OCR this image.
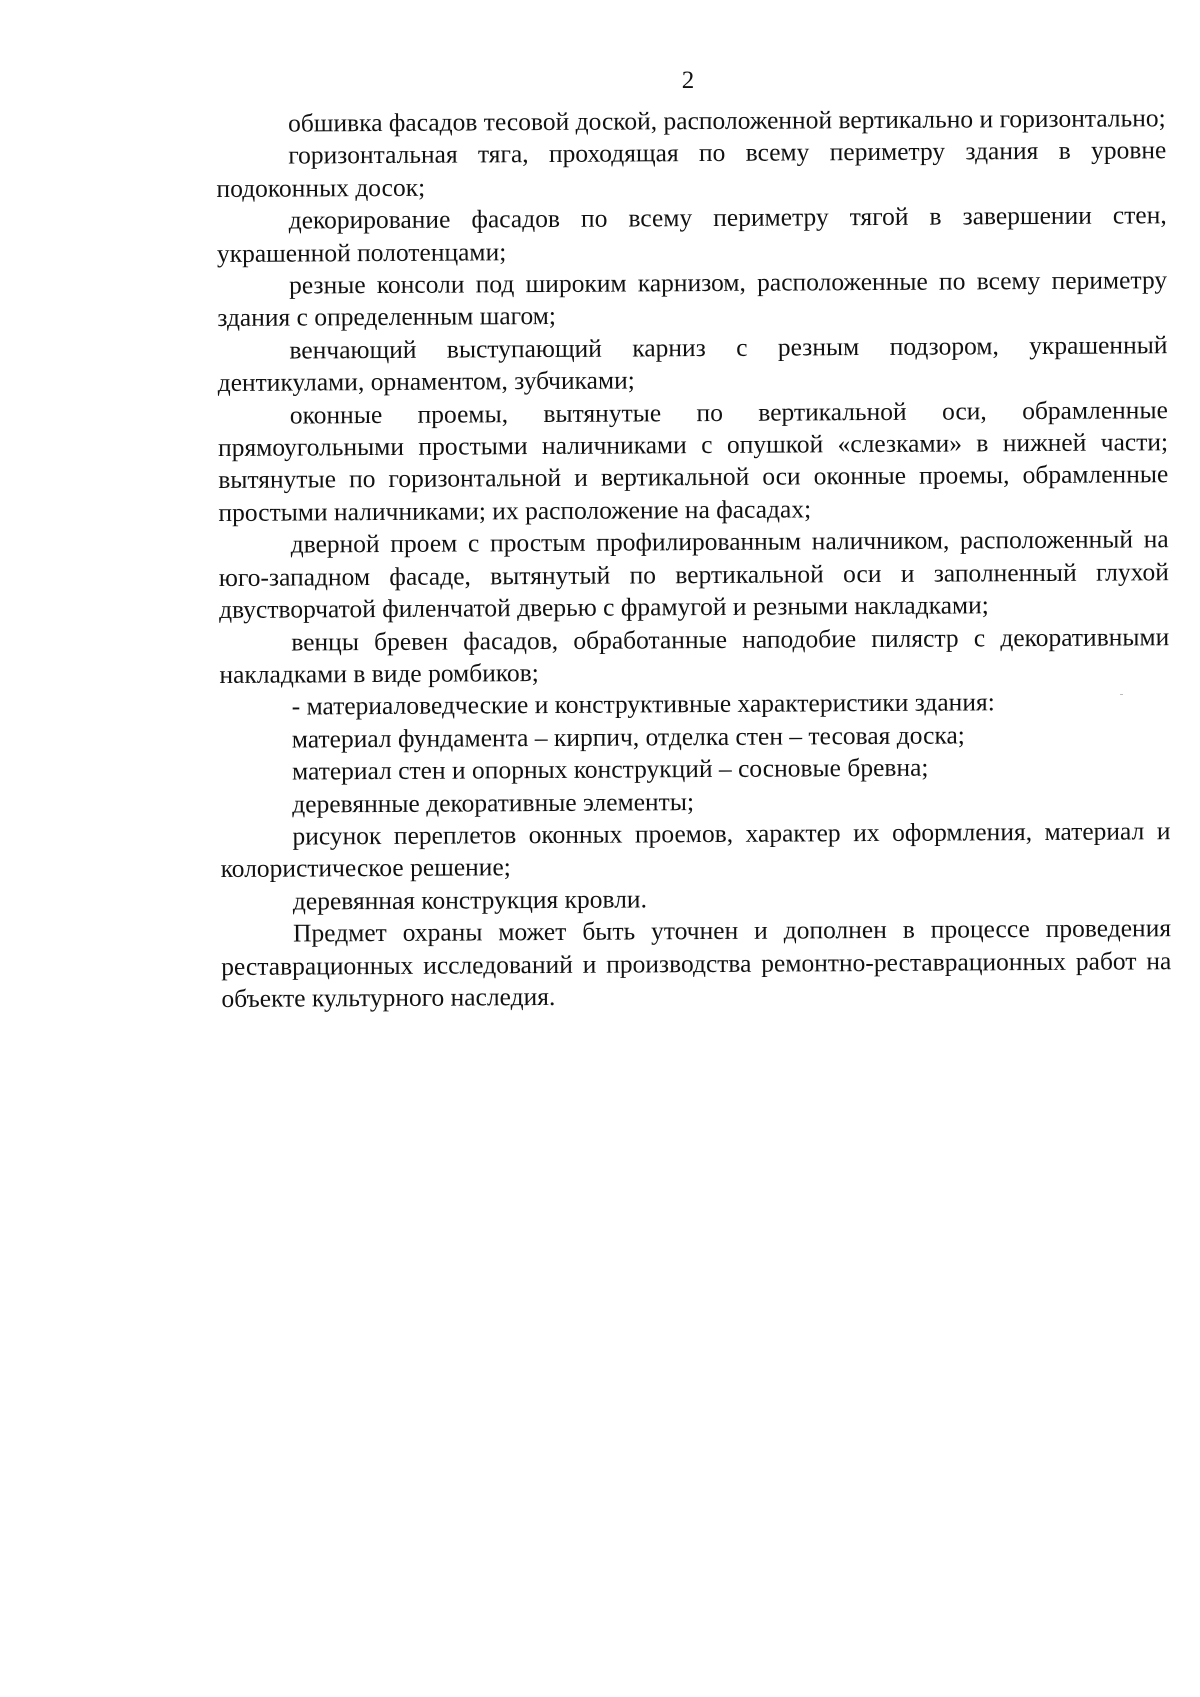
2

обшивка фасадов тесовой доской, расположенной вертикально и горизонтально;

горизонтальная тяга, проходящая по всему периметру здания в уровне подоконных досок;

декорирование фасадов по всему периметру тягой в завершении стен, украшенной полотенцами;

резные консоли под широким карнизом, расположенные по всему периметру здания с определенным шагом;

венчающий выступающий карниз с резным подзором, украшенный дентикулами, орнаментом, зубчиками;

оконные проемы, вытянутые по вертикальной оси, обрамленные прямоугольными простыми наличниками с опушкой «слезками» в нижней части; вытянутые по горизонтальной и вертикальной оси оконные проемы, обрамленные простыми наличниками; их расположение на фасадах;

дверной проем с простым профилированным наличником, расположенный на юго-западном фасаде, вытянутый по вертикальной оси и заполненный глухой двустворчатой филенчатой дверью с фрамугой и резными накладками;

венцы бревен фасадов, обработанные наподобие пилястр с декоративными накладками в виде ромбиков;

- материаловедческие и конструктивные характеристики здания:

материал фундамента – кирпич, отделка стен – тесовая доска;

материал стен и опорных конструкций – сосновые бревна;

деревянные декоративные элементы;

рисунок переплетов оконных проемов, характер их оформления, материал и колористическое решение;

деревянная конструкция кровли.

Предмет охраны может быть уточнен и дополнен в процессе проведения реставрационных исследований и производства ремонтно-реставрационных работ на объекте культурного наследия.
